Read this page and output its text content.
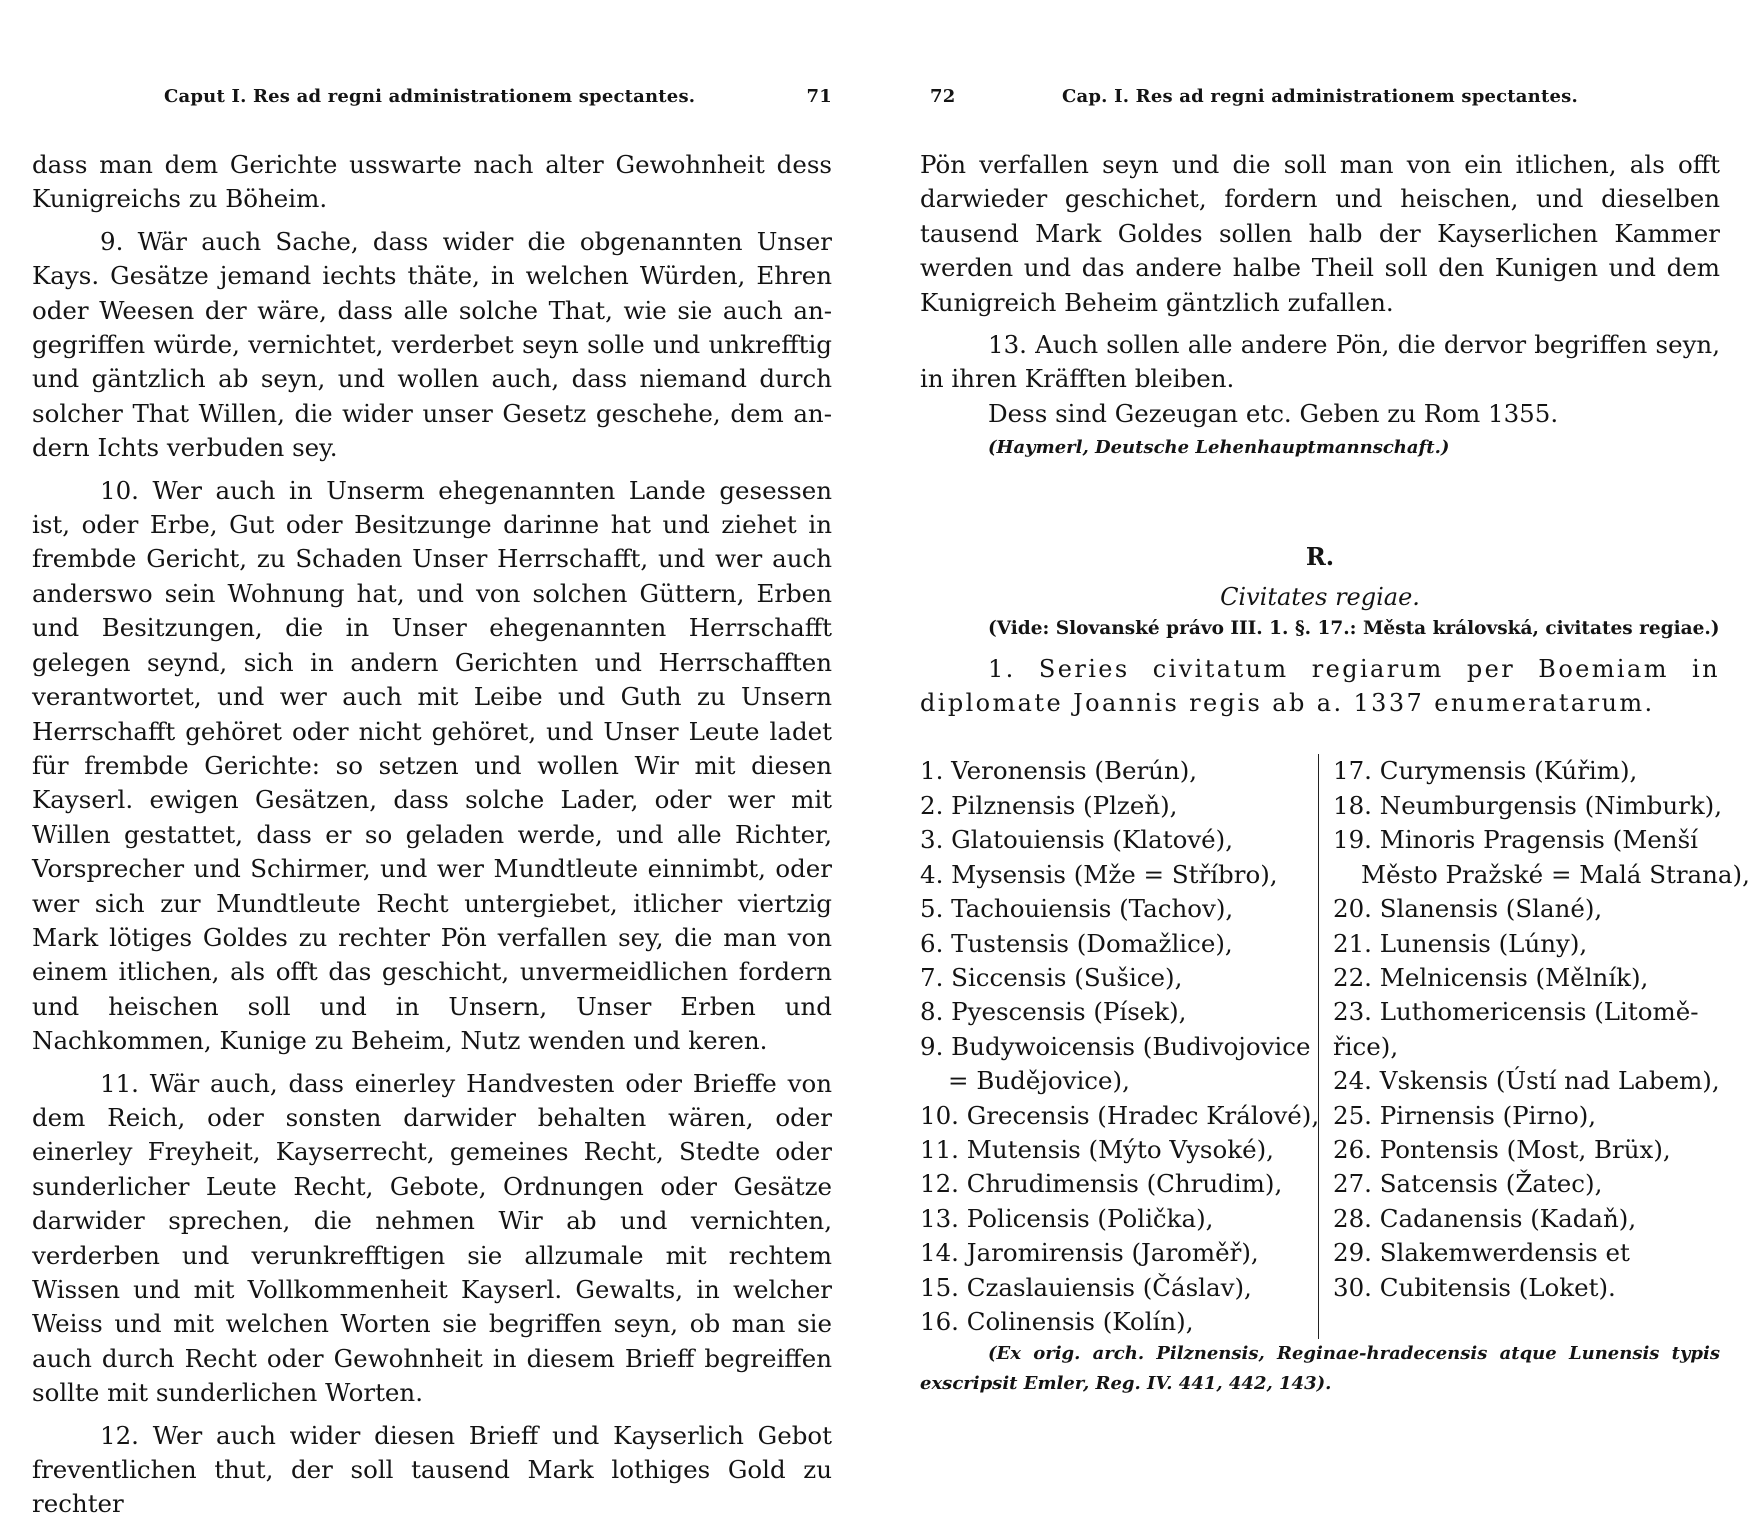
Caput I. Res ad regni administrationem spectantes.	71

dass man dem Gerichte usswarte nach alter Gewohnheit dess Kunigreichs zu Böheim.

9. Wär auch Sache, dass wider die obgenannten Unser Kays. Gesätze jemand iechts thäte, in welchen Würden, Ehren oder Weesen der wäre, dass alle solche That, wie sie auch angegriffen würde, vernichtet, verderbet seyn solle und unkrefftig und gäntzlich ab seyn, und wollen auch, dass niemand durch solcher That Willen, die wider unser Gesetz geschehe, dem andern Ichts verbuden sey.

10. Wer auch in Unserm ehegenannten Lande gesessen ist, oder Erbe, Gut oder Besitzunge darinne hat und ziehet in frembde Gericht, zu Schaden Unser Herrschafft, und wer auch anderswo sein Wohnung hat, und von solchen Güttern, Erben und Besitzungen, die in Unser ehegenannten Herrschafft gelegen seynd, sich in andern Gerichten und Herrschafften verantwortet, und wer auch mit Leibe und Guth zu Unsern Herrschafft gehöret oder nicht gehöret, und Unser Leute ladet für frembde Gerichte: so setzen und wollen Wir mit diesen Kayserl. ewigen Gesätzen, dass solche Lader, oder wer mit Willen gestattet, dass er so geladen werde, und alle Richter, Vorsprecher und Schirmer, und wer Mundtleute einnimbt, oder wer sich zur Mundtleute Recht untergiebet, itlicher viertzig Mark lötiges Goldes zu rechter Pön verfallen sey, die man von einem itlichen, als offt das geschicht, unvermeidlichen fordern und heischen soll und in Unsern, Unser Erben und Nachkommen, Kunige zu Beheim, Nutz wenden und keren.

11. Wär auch, dass einerley Handvesten oder Brieffe von dem Reich, oder sonsten darwider behalten wären, oder einerley Freyheit, Kayserrecht, gemeines Recht, Stedte oder sunderlicher Leute Recht, Gebote, Ordnungen oder Gesätze darwider sprechen, die nehmen Wir ab und vernichten, verderben und verunkrefftigen sie allzumale mit rechtem Wissen und mit Vollkommenheit Kayserl. Gewalts, in welcher Weiss und mit welchen Worten sie begriffen seyn, ob man sie auch durch Recht oder Gewohnheit in diesem Brieff begreiffen sollte mit sunderlichen Worten.

12. Wer auch wider diesen Brieff und Kayserlich Gebot freventlichen thut, der soll tausend Mark lothiges Gold zu rechter

72	Cap. I. Res ad regni administrationem spectantes.

Pön verfallen seyn und die soll man von ein itlichen, als offt darwieder geschichet, fordern und heischen, und dieselben tausend Mark Goldes sollen halb der Kayserlichen Kammer werden und das andere halbe Theil soll den Kunigen und dem Kunigreich Beheim gäntzlich zufallen.

13. Auch sollen alle andere Pön, die dervor begriffen seyn, in ihren Kräfften bleiben.

Dess sind Gezeugan etc. Geben zu Rom 1355.

(Haymerl, Deutsche Lehenhauptmannschaft.)

R.
Civitates regiae.

(Vide: Slovanské právo III. 1. §. 17.: Města královská, civitates regiae.)

1. Series civitatum regiarum per Boemiam in diplomate Joannis regis ab a. 1337 enumeratarum.

1. Veronensis (Berún),
2. Pilznensis (Plzeň),
3. Glatouiensis (Klatové),
4. Mysensis (Mže = Stříbro),
5. Tachouiensis (Tachov),
6. Tustensis (Domažlice),
7. Siccensis (Sušice),
8. Pyescensis (Písek),
9. Budywoicensis (Budivojovice
= Budějovice),
10. Grecensis (Hradec Králové),
11. Mutensis (Mýto Vysoké),
12. Chrudimensis (Chrudim),
13. Policensis (Polička),
14. Jaromirensis (Jaroměř),
15. Czaslauiensis (Čáslav),
16. Colinensis (Kolín),
17. Curymensis (Kúřim),
18. Neumburgensis (Nimburk),
19. Minoris Pragensis (Menší
Město Pražské = Malá Strana),
20. Slanensis (Slané),
21. Lunensis (Lúny),
22. Melnicensis (Mělník),
23. Luthomericensis (Litomě-
řice),
24. Vskensis (Ústí nad Labem),
25. Pirnensis (Pirno),
26. Pontensis (Most, Brüx),
27. Satcensis (Žatec),
28. Cadanensis (Kadaň),
29. Slakemwerdensis et
30. Cubitensis (Loket).

(Ex orig. arch. Pilznensis, Reginae-hradecensis atque Lunensis typis exscripsit Emler, Reg. IV. 441, 442, 143).
